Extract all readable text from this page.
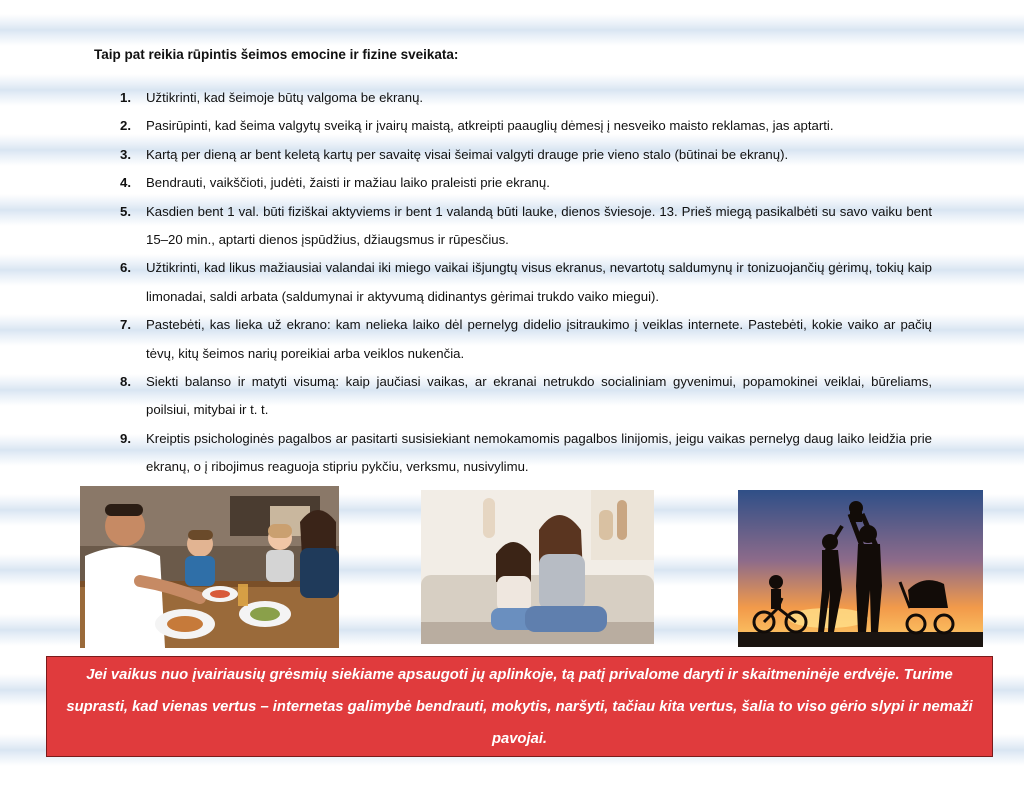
Taip pat reikia rūpintis šeimos emocine ir fizine sveikata:
1.	Užtikrinti, kad šeimoje būtų valgoma be ekranų.
2.	Pasirūpinti, kad šeima valgytų sveiką ir įvairų maistą, atkreipti paauglių dėmesį į nesveiko maisto reklamas, jas aptarti.
3.	Kartą per dieną ar bent keletą kartų per savaitę visai šeimai valgyti drauge prie vieno stalo (būtinai be ekranų).
4.	Bendrauti, vaikščioti, judėti, žaisti ir mažiau laiko praleisti prie ekranų.
5.	Kasdien bent 1 val. būti fiziškai aktyviems ir bent 1 valandą būti lauke, dienos šviesoje. 13. Prieš miegą pasikalbėti su savo vaiku bent 15–20 min., aptarti dienos įspūdžius, džiaugsmus ir rūpesčius.
6.	Užtikrinti, kad likus mažiausiai valandai iki miego vaikai išjungtų visus ekranus, nevartotų saldumynų ir tonizuojančių gėrimų, tokių kaip limonadai, saldi arbata (saldumynai ir aktyvumą didinantys gėrimai trukdo vaiko miegui).
7.	Pastebėti, kas lieka už ekrano: kam nelieka laiko dėl pernelyg didelio įsitraukimo į veiklas internete. Pastebėti, kokie vaiko ar pačių tėvų, kitų šeimos narių poreikiai arba veiklos nukenčia.
8.	Siekti balanso ir matyti visumą: kaip jaučiasi vaikas, ar ekranai netrukdo socialiniam gyvenimui, popamokinei veiklai, būreliams, poilsiui, mitybai ir t. t.
9.	Kreiptis psichologinės pagalbos ar pasitarti susisiekiant nemokamomis pagalbos linijomis, jeigu vaikas pernelyg daug laiko leidžia prie ekranų, o į ribojimus reaguoja stipriu pykčiu, verksmu, nusivylimu.
Jei vaikus nuo įvairiausių grėsmių siekiame apsaugoti jų aplinkoje, tą patį privalome daryti ir skaitmeninėje erdvėje. Turime suprasti, kad vienas vertus – internetas galimybė bendrauti, mokytis, naršyti, tačiau kita vertus, šalia to viso gėrio slypi ir nemaži pavojai.
